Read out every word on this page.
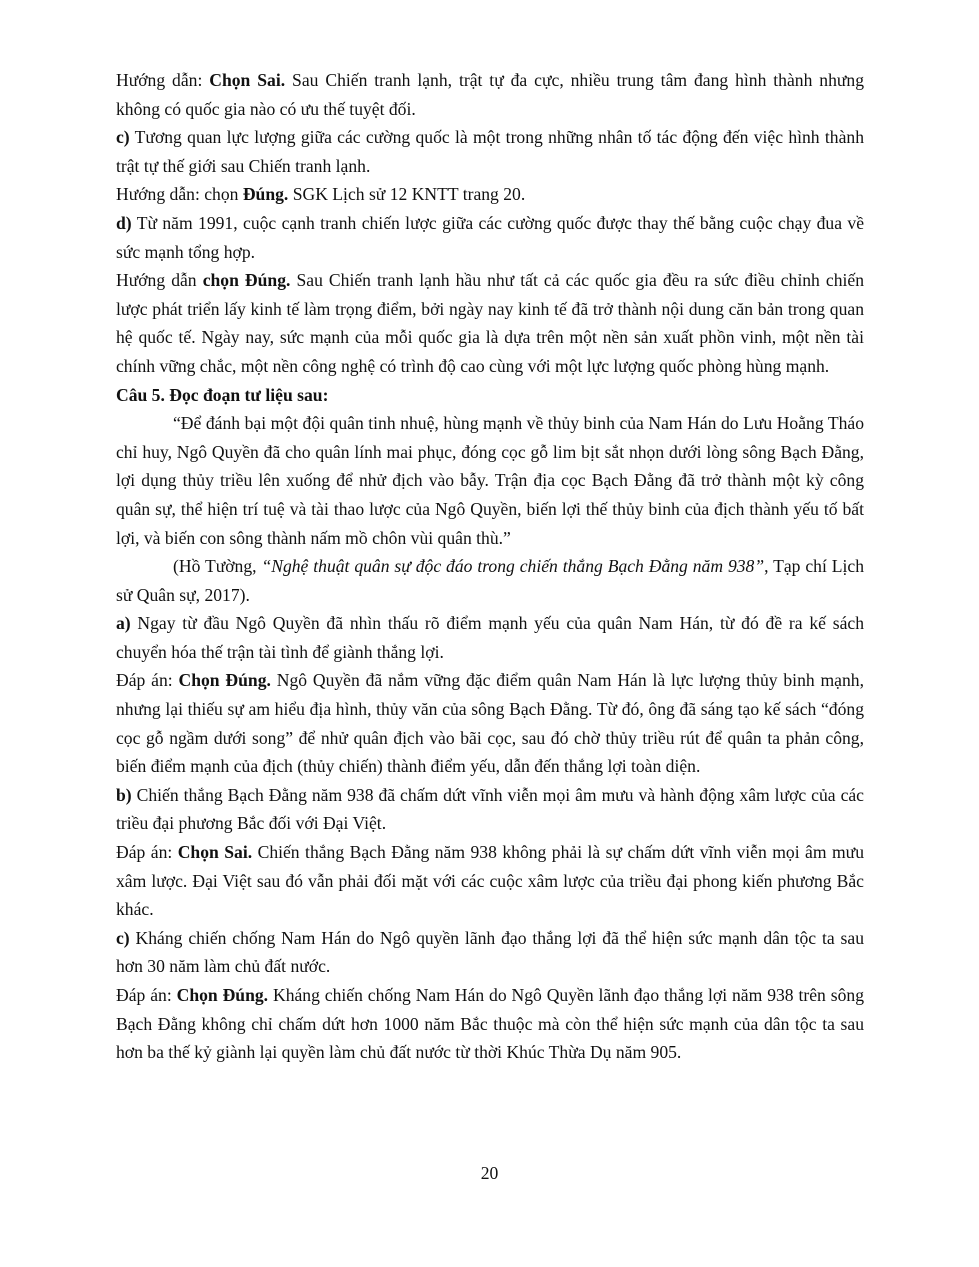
Hướng dẫn: Chọn Sai. Sau Chiến tranh lạnh, trật tự đa cực, nhiều trung tâm đang hình thành nhưng không có quốc gia nào có ưu thế tuyệt đối.

c) Tương quan lực lượng giữa các cường quốc là một trong những nhân tố tác động đến việc hình thành trật tự thế giới sau Chiến tranh lạnh.

Hướng dẫn: chọn Đúng. SGK Lịch sử 12 KNTT trang 20.

d) Từ năm 1991, cuộc cạnh tranh chiến lược giữa các cường quốc được thay thế bằng cuộc chạy đua về sức mạnh tổng hợp.

Hướng dẫn chọn Đúng. Sau Chiến tranh lạnh hầu như tất cả các quốc gia đều ra sức điều chỉnh chiến lược phát triển lấy kinh tế làm trọng điểm, bởi ngày nay kinh tế đã trở thành nội dung căn bản trong quan hệ quốc tế. Ngày nay, sức mạnh của mỗi quốc gia là dựa trên một nền sản xuất phồn vinh, một nền tài chính vững chắc, một nền công nghệ có trình độ cao cùng với một lực lượng quốc phòng hùng mạnh.

Câu 5. Đọc đoạn tư liệu sau:

“Để đánh bại một đội quân tinh nhuệ, hùng mạnh về thủy binh của Nam Hán do Lưu Hoằng Tháo chỉ huy, Ngô Quyền đã cho quân lính mai phục, đóng cọc gỗ lim bịt sắt nhọn dưới lòng sông Bạch Đằng, lợi dụng thủy triều lên xuống để nhử địch vào bẫy. Trận địa cọc Bạch Đằng đã trở thành một kỳ công quân sự, thể hiện trí tuệ và tài thao lược của Ngô Quyền, biến lợi thế thủy binh của địch thành yếu tố bất lợi, và biến con sông thành nấm mồ chôn vùi quân thù.”

(Hồ Tường, “Nghệ thuật quân sự độc đáo trong chiến thắng Bạch Đằng năm 938”, Tạp chí Lịch sử Quân sự, 2017).

a) Ngay từ đầu Ngô Quyền đã nhìn thấu rõ điểm mạnh yếu của quân Nam Hán, từ đó đề ra kế sách chuyển hóa thế trận tài tình để giành thắng lợi.

Đáp án: Chọn Đúng. Ngô Quyền đã nắm vững đặc điểm quân Nam Hán là lực lượng thủy binh mạnh, nhưng lại thiếu sự am hiểu địa hình, thủy văn của sông Bạch Đằng. Từ đó, ông đã sáng tạo kế sách “đóng cọc gỗ ngầm dưới song” để nhử quân địch vào bãi cọc, sau đó chờ thủy triều rút để quân ta phản công, biến điểm mạnh của địch (thủy chiến) thành điểm yếu, dẫn đến thắng lợi toàn diện.

b) Chiến thắng Bạch Đằng năm 938 đã chấm dứt vĩnh viễn mọi âm mưu và hành động xâm lược của các triều đại phương Bắc đối với Đại Việt.

Đáp án: Chọn Sai. Chiến thắng Bạch Đằng năm 938 không phải là sự chấm dứt vĩnh viễn mọi âm mưu xâm lược. Đại Việt sau đó vẫn phải đối mặt với các cuộc xâm lược của triều đại phong kiến phương Bắc khác.

c) Kháng chiến chống Nam Hán do Ngô quyền lãnh đạo thắng lợi đã thể hiện sức mạnh dân tộc ta sau hơn 30 năm làm chủ đất nước.

Đáp án: Chọn Đúng. Kháng chiến chống Nam Hán do Ngô Quyền lãnh đạo thắng lợi năm 938 trên sông Bạch Đằng không chỉ chấm dứt hơn 1000 năm Bắc thuộc mà còn thể hiện sức mạnh của dân tộc ta sau hơn ba thế kỷ giành lại quyền làm chủ đất nước từ thời Khúc Thừa Dụ năm 905.

20
